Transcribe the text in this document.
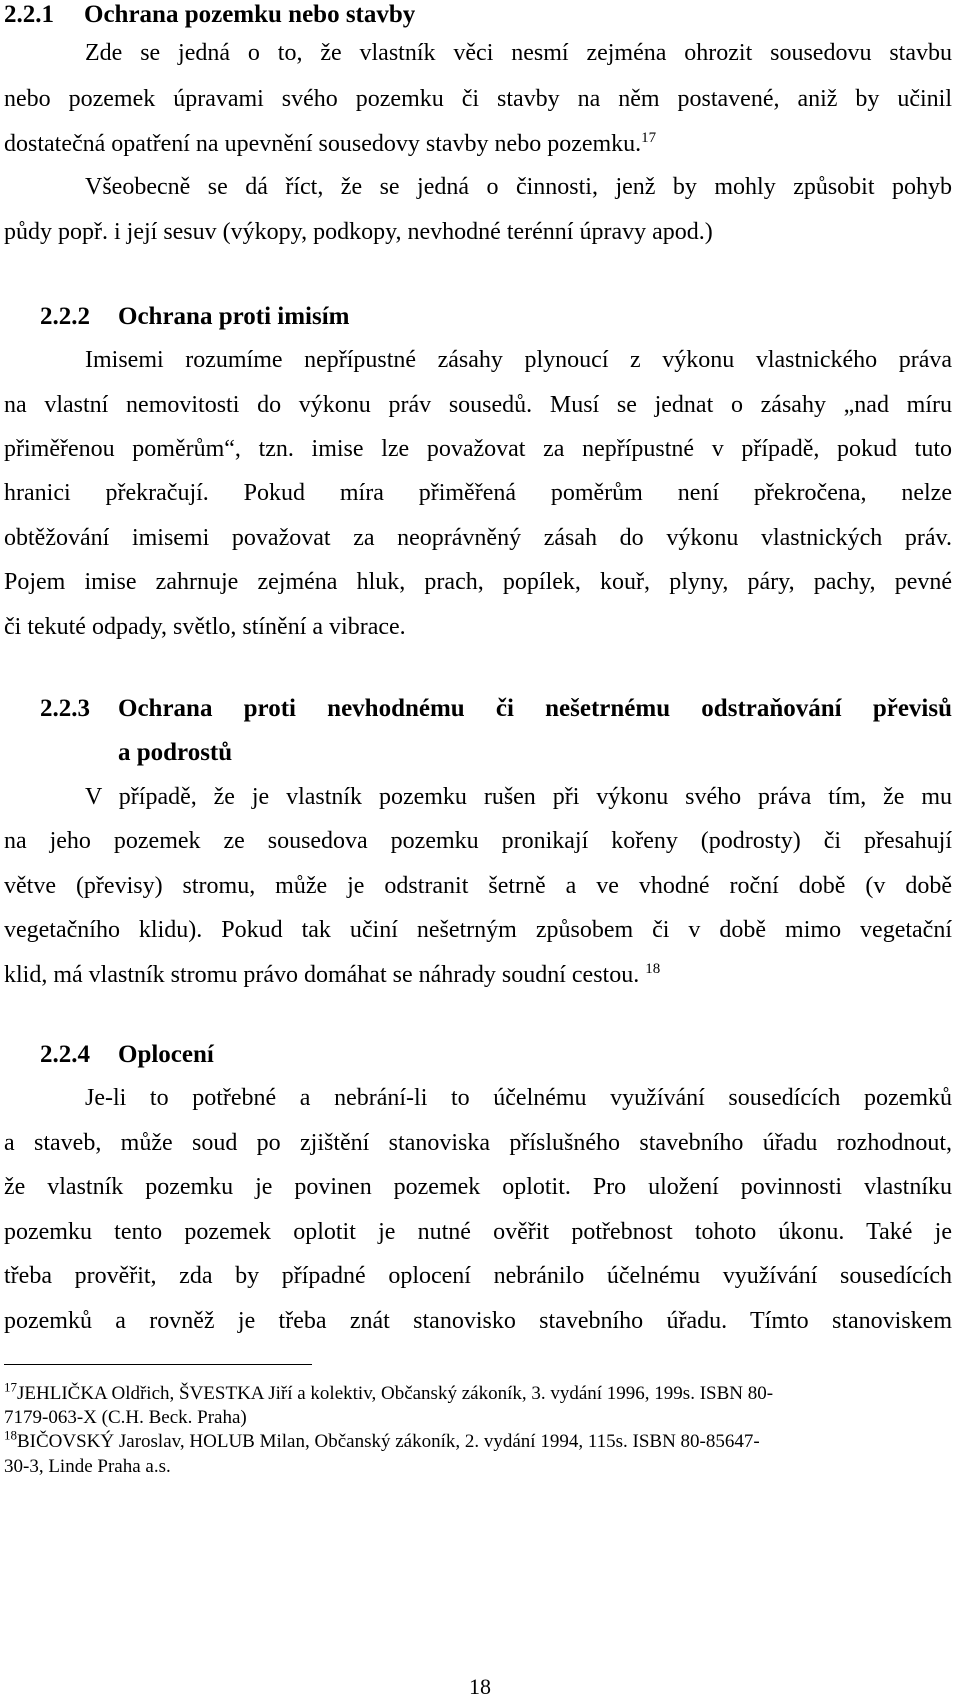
2.2.1 Ochrana pozemku nebo stavby
Zde se jedná o to, že vlastník věci nesmí zejména ohrozit sousedovu stavbu
nebo pozemek úpravami svého pozemku či stavby na něm postavené, aniž by učinil
dostatečná opatření na upevnění sousedovy stavby nebo pozemku.$^{17}$
Všeobecně se dá říct, že se jedná o činnosti, jenž by mohly způsobit pohyb
půdy popř. i její sesuv (výkopy, podkopy, nevhodné terénní úpravy apod.)
2.2.2 Ochrana proti imisím
Imisemi rozumíme nepřípustné zásahy plynoucí z výkonu vlastnického práva
na vlastní nemovitosti do výkonu práv sousedů. Musí se jednat o zásahy „nad míru
přiměřenou poměrům“, tzn. imise lze považovat za nepřípustné v případě, pokud tuto
hranici překračují. Pokud míra přiměřená poměrům není překročena, nelze
obtěžování imisemi považovat za neoprávněný zásah do výkonu vlastnických práv.
Pojem imise zahrnuje zejména hluk, prach, popílek, kouř, plyny, páry, pachy, pevné
či tekuté odpady, světlo, stínění a vibrace.
2.2.3 Ochrana proti nevhodnému či nešetrnému odstraňování převisů
a podrostů
V případě, že je vlastník pozemku rušen při výkonu svého práva tím, že mu
na jeho pozemek ze sousedova pozemku pronikají kořeny (podrosty) či přesahují
větve (převisy) stromu, může je odstranit šetrně a ve vhodné roční době (v době
vegetačního klidu). Pokud tak učiní nešetrným způsobem či v době mimo vegetační
klid, má vlastník stromu právo domáhat se náhrady soudní cestou. $^{18}$
2.2.4 Oplocení
Je-li to potřebné a nebrání-li to účelnému využívání sousedících pozemků
a staveb, může soud po zjištění stanoviska příslušného stavebního úřadu rozhodnout,
že vlastník pozemku je povinen pozemek oplotit. Pro uložení povinnosti vlastníku
pozemku tento pozemek oplotit je nutné ověřit potřebnost tohoto úkonu. Také je
třeba prověřit, zda by případné oplocení nebránilo účelnému využívání sousedících
pozemků a rovněž je třeba znát stanovisko stavebního úřadu. Tímto stanoviskem
$^{17}$JEHLIČKA Oldřich, ŠVESTKA Jiří a kolektiv, Občanský zákoník, 3. vydání 1996, 199s. ISBN 80-
7179-063-X (C.H. Beck. Praha)
$^{18}$BIČOVSKÝ Jaroslav, HOLUB Milan, Občanský zákoník, 2. vydání 1994, 115s. ISBN 80-85647-
30-3, Linde Praha a.s.
18
